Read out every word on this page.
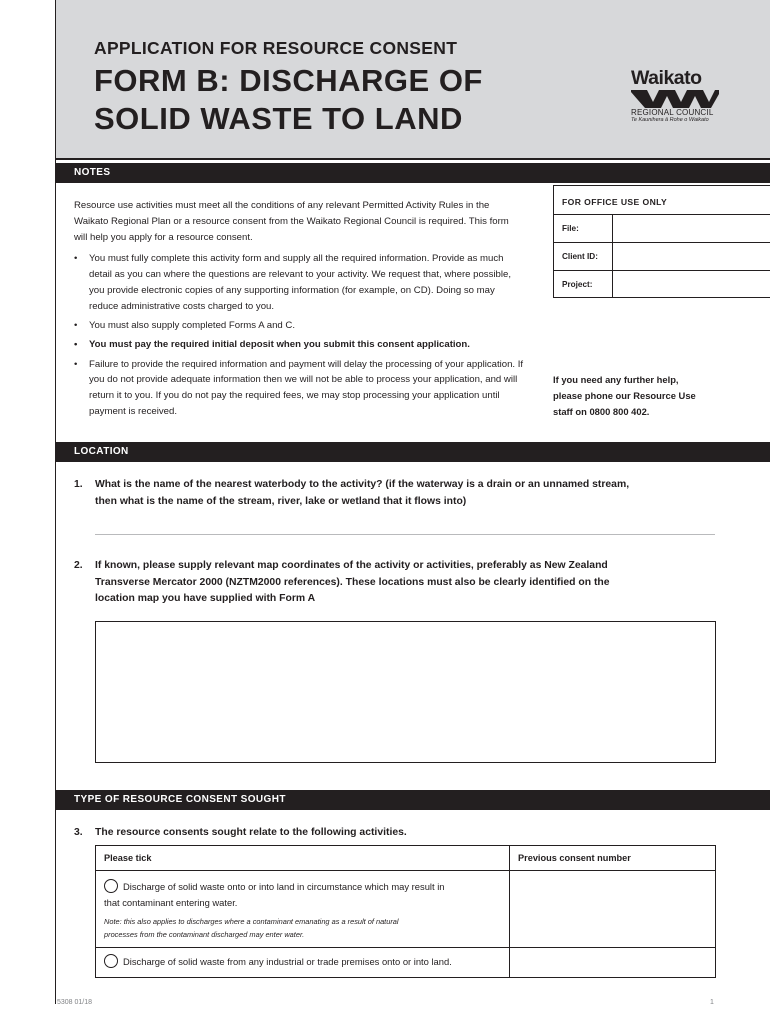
APPLICATION FOR RESOURCE CONSENT
FORM B: DISCHARGE OF
SOLID WASTE TO LAND
Waikato
REGIONAL COUNCIL
Te Kaunihera ā Rohe o Waikato
NOTES

Resource use activities must meet all the conditions of any relevant Permitted Activity Rules in the Waikato Regional Plan or a resource consent from the Waikato Regional Council is required. This form will help you apply for a resource consent.

• You must fully complete this activity form and supply all the required information. Provide as much detail as you can where the questions are relevant to your activity. We request that, where possible, you provide electronic copies of any supporting information (for example, on CD). Doing so may reduce administrative costs charged to you.
• You must also supply completed Forms A and C.
• You must pay the required initial deposit when you submit this consent application.
• Failure to provide the required information and payment will delay the processing of your application. If you do not provide adequate information then we will not be able to process your application, and will return it to you. If you do not pay the required fees, we may stop processing your application until payment is received.
FOR OFFICE USE ONLY
File:
Client ID:
Project:
If you need any further help,
please phone our Resource Use
staff on 0800 800 402.
LOCATION
1. What is the name of the nearest waterbody to the activity? (if the waterway is a drain or an unnamed stream,
then what is the name of the stream, river, lake or wetland that it flows into)
2. If known, please supply relevant map coordinates of the activity or activities, preferably as New Zealand
Transverse Mercator 2000 (NZTM2000 references). These locations must also be clearly identified on the
location map you have supplied with Form A
TYPE OF RESOURCE CONSENT SOUGHT
3.	The resource consents sought relate to the following activities.
Please tick	Previous consent number
Discharge of solid waste onto or into land in circumstance which may result in
that contaminant entering water.
Note: this also applies to discharges where a contaminant emanating as a result of natural
processes from the contaminant discharged may enter water.	

Discharge of solid waste from any industrial or trade premises onto or into land.	
5308 01/18	1
